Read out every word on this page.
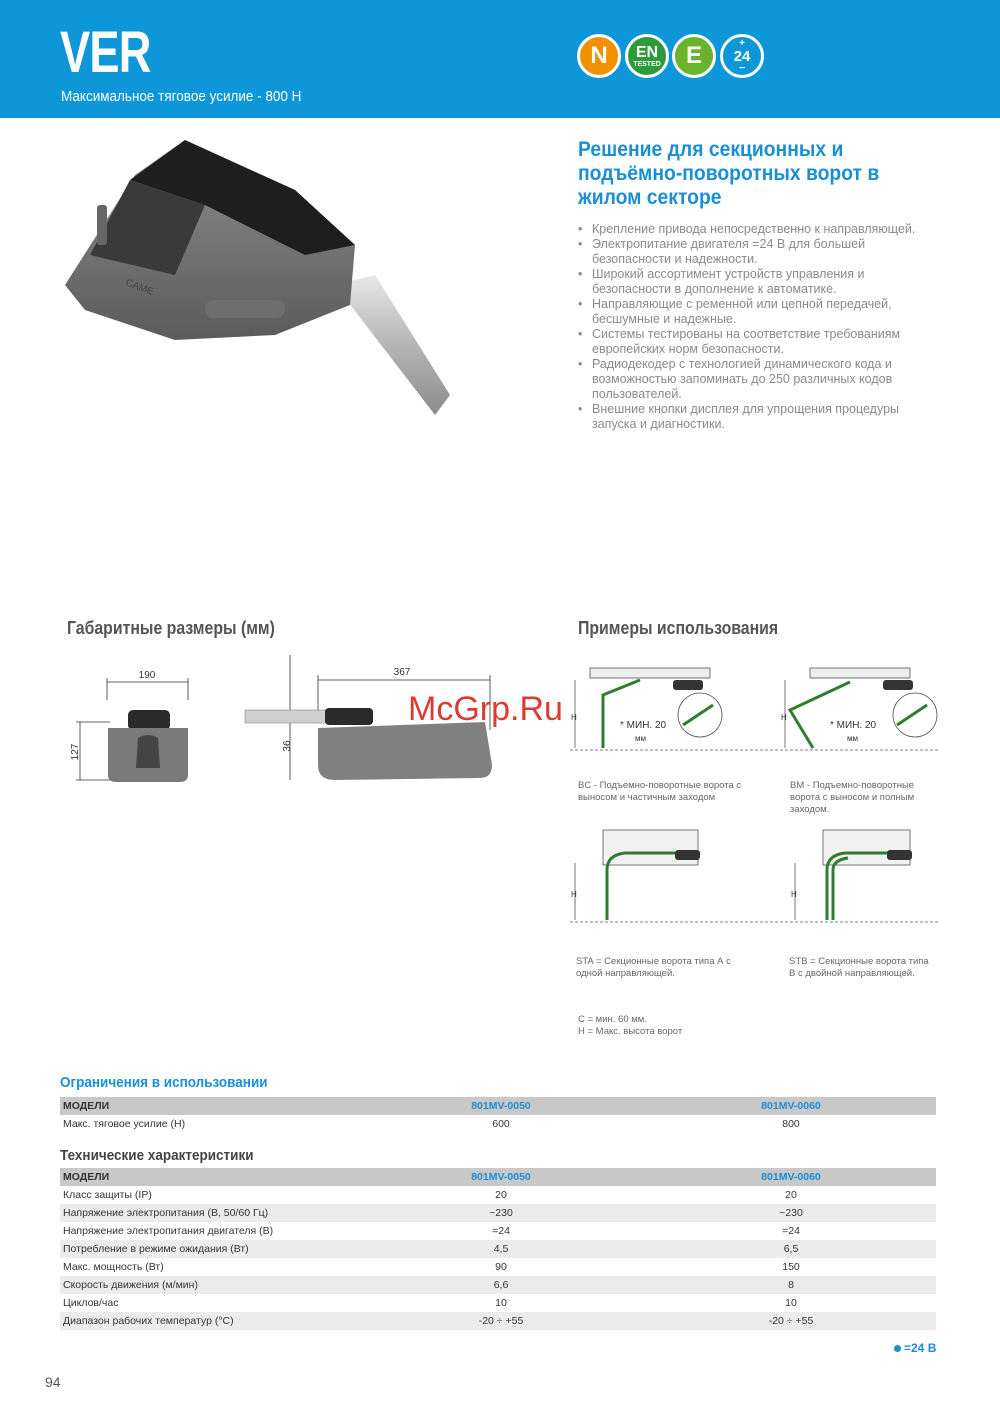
VER
Максимальное тяговое усилие - 800 Н
N EN
TESTED E	+
24
−
CAME
Решение для секционных и подъёмно-поворотных ворот в жилом секторе
• Крепление привода непосредственно к направляющей.
• Электропитание двигателя =24 В для большей безопасности и надежности.
• Широкий ассортимент устройств управления и безопасности в дополнение к автоматике.
• Направляющие с ременной или цепной передачей, бесшумные и надежные.
• Системы тестированы на соответствие требованиям европейских норм безопасности.
• Радиодекодер с технологией динамического кода и возможностью запоминать до 250 различных кодов пользователей.
• Внешние кнопки дисплея для упрощения процедуры запуска и диагностики.
Габаритные размеры (мм)
190
127
367
36
Примеры использования
* МИН. 20
мм
* МИН. 20
мм
Н	Н
McGrp.Ru
BC - Подъемно-поворотные ворота с выносом и частичным заходом
BM - Подъемно-поворотные ворота с выносом и полным заходом.
Н	Н
STA = Секционные ворота типа А с одной направляющей.
STB = Секционные ворота типа В с двойной направляющей.
C = мин. 60 мм.
H = Макс. высота ворот
Ограничения в использовании
МОДЕЛИ	801MV-0050	801MV-0060
Макс. тяговое усилие (Н)	600	800
Технические характеристики
МОДЕЛИ	801MV-0050	801MV-0060
Класс защиты (IP)	20	20
Напряжение электропитания (В, 50/60 Гц)	~230	~230
Напряжение электропитания двигателя (В)	=24	=24
Потребление в режиме ожидания (Вт)	4,5	6,5
Макс. мощность (Вт)	90	150
Скорость движения (м/мин)	6,6	8
Циклов/час	10	10
Диапазон рабочих температур (°С)	-20 ÷ +55	-20 ÷ +55
=24 В
94
